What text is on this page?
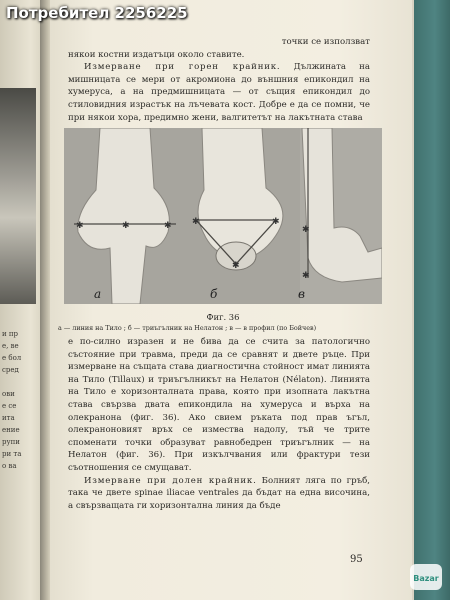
и пр
е, ве
е бол
сред
ови
е се
ита
ение
рупи
ри та
о ва

точки се използват

някои костни издатъци около ставите.

Измерване при горен крайник. Дължината на мишницата се мери от акромиона до външния епикондил на хумеруса, а на предмишницата — от същия епикондил до стиловидния израстък на лъчевата кост. Добре е да се помни, че при някои хора, предимно жени, валгитетът на лакътната става

✱	✱
✱	✱	✱
✱
✱
✱
а	б	в
Фиг. 36
а — линия на Тило ; б — триъгълник на Нелатон ; в — в профил (по Бойчев)

е по-силно изразен и не бива да се счита за патологично състояние при травма, преди да се сравнят и двете ръце. При измерване на същата става диагностична стойност имат линията на Тило (Tillaux) и триъгълникът на Нелатон (Nélaton). Линията на Тило е хоризонталната права, която при изопната лакътна става свързва двата епикондила на хумеруса и върха на олекранона (фиг. 36). Ако свием ръката под прав ъгъл, олекраноновият връх се измества надолу, тъй че трите споменати точки образуват равнобедрен триъгълник — на Нелатон (фиг. 36). При изкълчвания или фрактури тези съотношения се смущават.

Измерване при долен крайник. Болният ляга по гръб, така че двете spinae iliacae ventrales да бъдат на една височина, а свързващата ги хоризонтална линия да бъде

95
Потребител 2256225
Bazar
